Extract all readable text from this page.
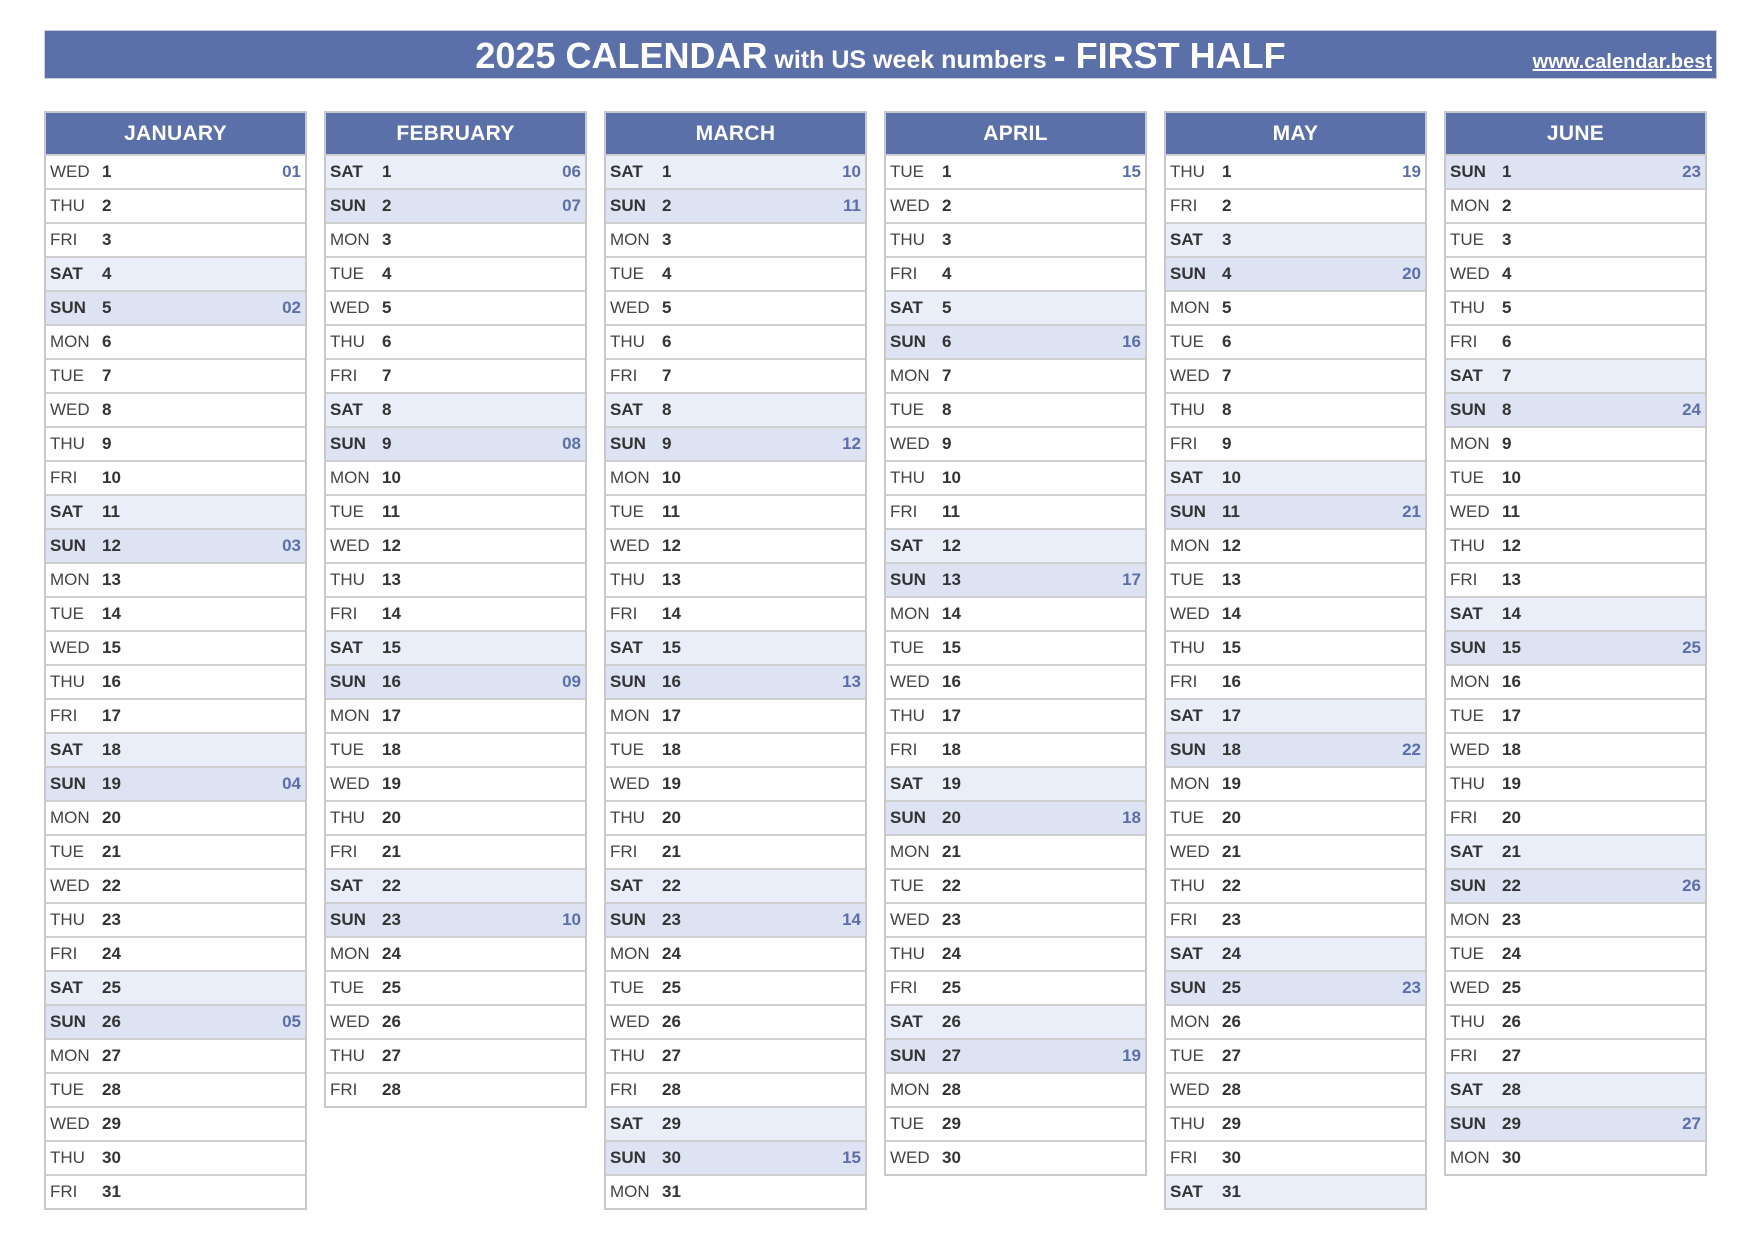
2025 CALENDAR with US week numbers - FIRST HALF	www.calendar.best
JANUARY
WED 1	01
THU	2
FRI	3
SAT	4
SUN 5	02
MON 6
TUE	7
WED 8
THU	9
FRI	10
SAT	11
SUN 12	03
MON 13
TUE	14
WED 15
THU	16
FRI	17
SAT	18
SUN 19	04
MON 20
TUE	21
WED 22
THU	23
FRI	24
SAT	25
SUN 26	05
MON 27
TUE	28
WED 29
THU	30
FRI	31
FEBRUARY
SAT	1	06
SUN 2	07
MON 3
TUE	4
WED 5
THU	6
FRI	7
SAT	8
SUN 9	08
MON 10
TUE	11
WED 12
THU	13
FRI	14
SAT	15
SUN 16	09
MON 17
TUE	18
WED 19
THU	20
FRI	21
SAT	22
SUN 23	10
MON 24
TUE	25
WED 26
THU	27
FRI	28
MARCH
SAT	1	10
SUN 2	11
MON 3
TUE	4
WED 5
THU	6
FRI	7
SAT	8
SUN 9	12
MON 10
TUE	11
WED 12
THU	13
FRI	14
SAT	15
SUN 16	13
MON 17
TUE	18
WED 19
THU	20
FRI	21
SAT	22
SUN 23	14
MON 24
TUE	25
WED 26
THU	27
FRI	28
SAT	29
SUN 30	15
MON 31
APRIL
TUE	1	15
WED 2
THU	3
FRI	4
SAT	5
SUN 6	16
MON 7
TUE	8
WED 9
THU	10
FRI	11
SAT	12
SUN 13	17
MON 14
TUE	15
WED 16
THU	17
FRI	18
SAT	19
SUN 20	18
MON 21
TUE	22
WED 23
THU	24
FRI	25
SAT	26
SUN 27	19
MON 28
TUE	29
WED 30
MAY
THU	1	19
FRI	2
SAT	3
SUN 4	20
MON 5
TUE	6
WED 7
THU	8
FRI	9
SAT	10
SUN 11	21
MON 12
TUE	13
WED 14
THU	15
FRI	16
SAT	17
SUN 18	22
MON 19
TUE	20
WED 21
THU	22
FRI	23
SAT	24
SUN 25	23
MON 26
TUE	27
WED 28
THU	29
FRI	30
SAT	31
JUNE
SUN 1	23
MON 2
TUE	3
WED 4
THU	5
FRI	6
SAT	7
SUN 8	24
MON 9
TUE	10
WED 11
THU	12
FRI	13
SAT	14
SUN 15	25
MON 16
TUE	17
WED 18
THU	19
FRI	20
SAT	21
SUN 22	26
MON 23
TUE	24
WED 25
THU	26
FRI	27
SAT	28
SUN 29	27
MON 30
